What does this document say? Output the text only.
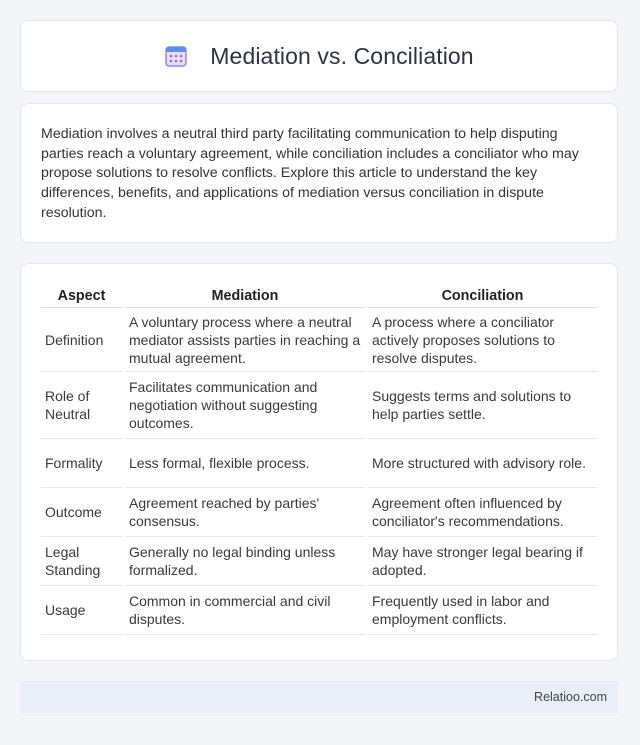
Mediation vs. Conciliation

Mediation involves a neutral third party facilitating communication to help disputing parties reach a voluntary agreement, while conciliation includes a conciliator who may propose solutions to resolve conflicts. Explore this article to understand the key differences, benefits, and applications of mediation versus conciliation in dispute resolution.

Aspect	Mediation	Conciliation
Definition	A voluntary process where a neutral mediator assists parties in reaching a mutual agreement.	A process where a conciliator actively proposes solutions to resolve disputes.
Role of Neutral	Facilitates communication and negotiation without suggesting outcomes.	Suggests terms and solutions to help parties settle.
Formality	Less formal, flexible process.	More structured with advisory role.
Outcome	Agreement reached by parties' consensus.	Agreement often influenced by conciliator's recommendations.
Legal Standing	Generally no legal binding unless formalized.	May have stronger legal bearing if adopted.
Usage	Common in commercial and civil disputes.	Frequently used in labor and employment conflicts.
Relatioo.com
